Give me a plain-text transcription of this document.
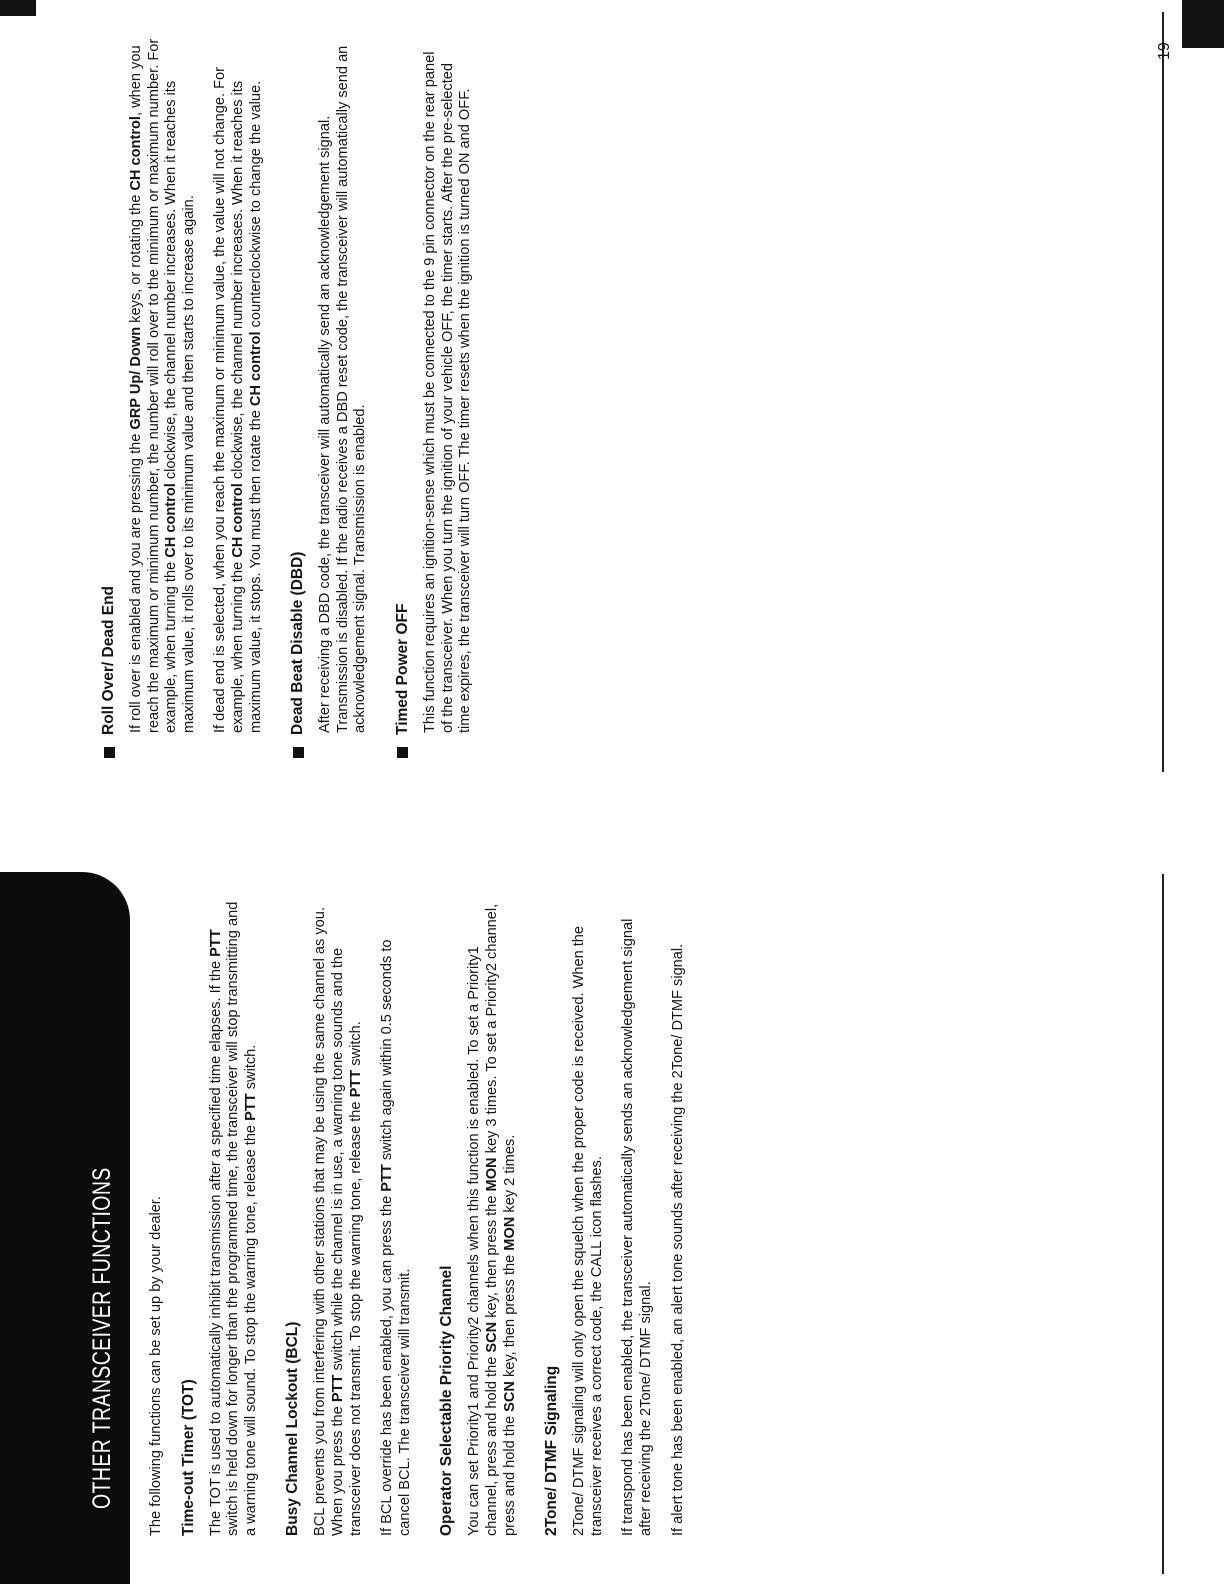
OTHER TRANSCEIVER FUNCTIONS The following functions can be set up by your dealer. Time-out Timer (TOT) The TOT is used to automatically inhibit transmission after a specified time elapses. If the PTT switch is held down for longer than the programmed time, the transceiver will stop transmitting and a warning tone will sound. To stop the warning tone, release the PTT switch.

Busy Channel Lockout (BCL) BCL prevents you from interfering with other stations that may be using the same channel as you. When you press the PTT switch while the channel is in use, a warning tone sounds and the transceiver does not transmit. To stop the warning tone, release the PTT switch.

If BCL override has been enabled, you can press the PTT switch again within 0.5 seconds to cancel BCL. The transceiver will transmit. Operator Selectable Priority Channel You can set Priority1 and Priority2 channels when this function is enabled. To set a Priority1 channel, press and hold the SCN key, then press the MON key 3 times. To set a Priority2 channel, press and hold the SCN key, then press the MON key 2 times.

2Tone/ DTMF Signaling 2Tone/ DTMF signaling will only open the squelch when the proper code is received. When the transceiver receives a correct code, the CALL icon flashes. If transpond has been enabled, the transceiver automatically sends an acknowledgement signal after receiving the 2Tone/ DTMF signal. If alert tone has been enabled, an alert tone sounds after receiving the 2Tone/ DTMF signal.

Roll Over/ Dead End If roll over is enabled and you are pressing the GRP Up/ Down keys, or rotating the CH control, when you reach the maximum or minimum number, the number will roll over to the minimum or maximum number. For example, when turning the CH control clockwise, the channel number increases. When it reaches its maximum value, it rolls over to its minimum value and then starts to increase again. If dead end is selected, when you reach the maximum or minimum value, the value will not change. For example, when turning the CH control clockwise, the channel number increases. When it reaches its maximum value, it stops. You must then rotate the CH control counterclockwise to change the value.

Dead Beat Disable (DBD) After receiving a DBD code, the transceiver will automatically send an acknowledgement signal. Transmission is disabled. If the radio receives a DBD reset code, the transceiver will automatically send an acknowledgement signal. Transmission is enabled. Timed Power OFF This function requires an ignition-sense which must be connected to the 9 pin connector on the rear panel of the transceiver. When you turn the ignition of your vehicle OFF, the timer starts. After the pre-selected time expires, the transceiver will turn OFF. The timer resets when the ignition is turned ON and OFF.

19
